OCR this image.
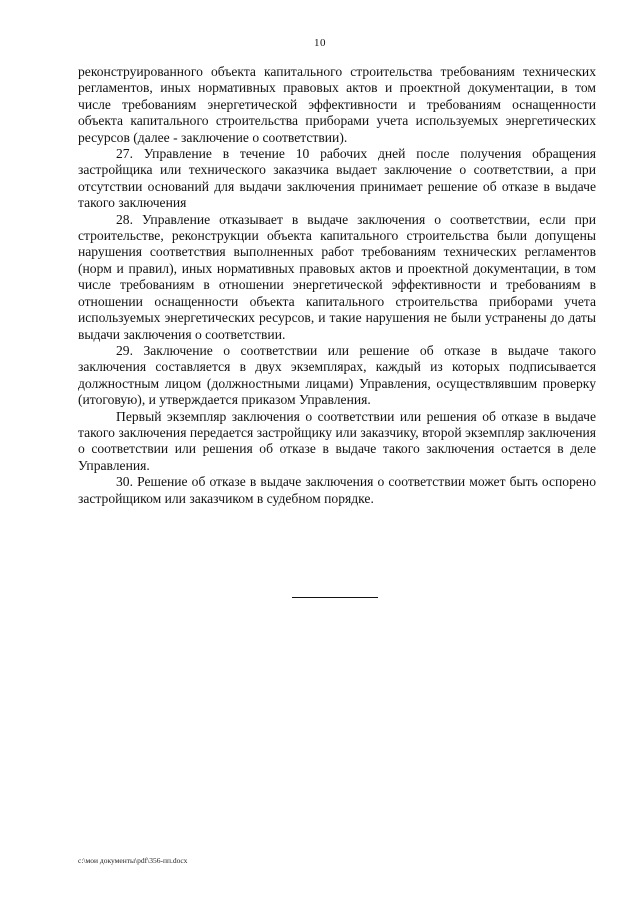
10

реконструированного объекта капитального строительства требованиям технических регламентов, иных нормативных правовых актов и проектной документации, в том числе требованиям энергетической эффективности и требованиям оснащенности объекта капитального строительства приборами учета используемых энергетических ресурсов (далее - заключение о соответствии).

27. Управление в течение 10 рабочих дней после получения обращения застройщика или технического заказчика выдает заключение о соответствии, а при отсутствии оснований для выдачи заключения принимает решение об отказе в выдаче такого заключения

28. Управление отказывает в выдаче заключения о соответствии, если при строительстве, реконструкции объекта капитального строительства были допущены нарушения соответствия выполненных работ требованиям технических регламентов (норм и правил), иных нормативных правовых актов и проектной документации, в том числе требованиям в отношении энергетической эффективности и требованиям в отношении оснащенности объекта капитального строительства приборами учета используемых энергетических ресурсов, и такие нарушения не были устранены до даты выдачи заключения о соответствии.

29. Заключение о соответствии или решение об отказе в выдаче такого заключения составляется в двух экземплярах, каждый из которых подписывается должностным лицом (должностными лицами) Управления, осуществлявшим проверку (итоговую), и утверждается приказом Управления.

Первый экземпляр заключения о соответствии или решения об отказе в выдаче такого заключения передается застройщику или заказчику, второй экземпляр заключения о соответствии или решения об отказе в выдаче такого заключения остается в деле Управления.

30. Решение об отказе в выдаче заключения о соответствии может быть оспорено застройщиком или заказчиком в судебном порядке.

c:\мои документы\pdf\356-пп.docx
